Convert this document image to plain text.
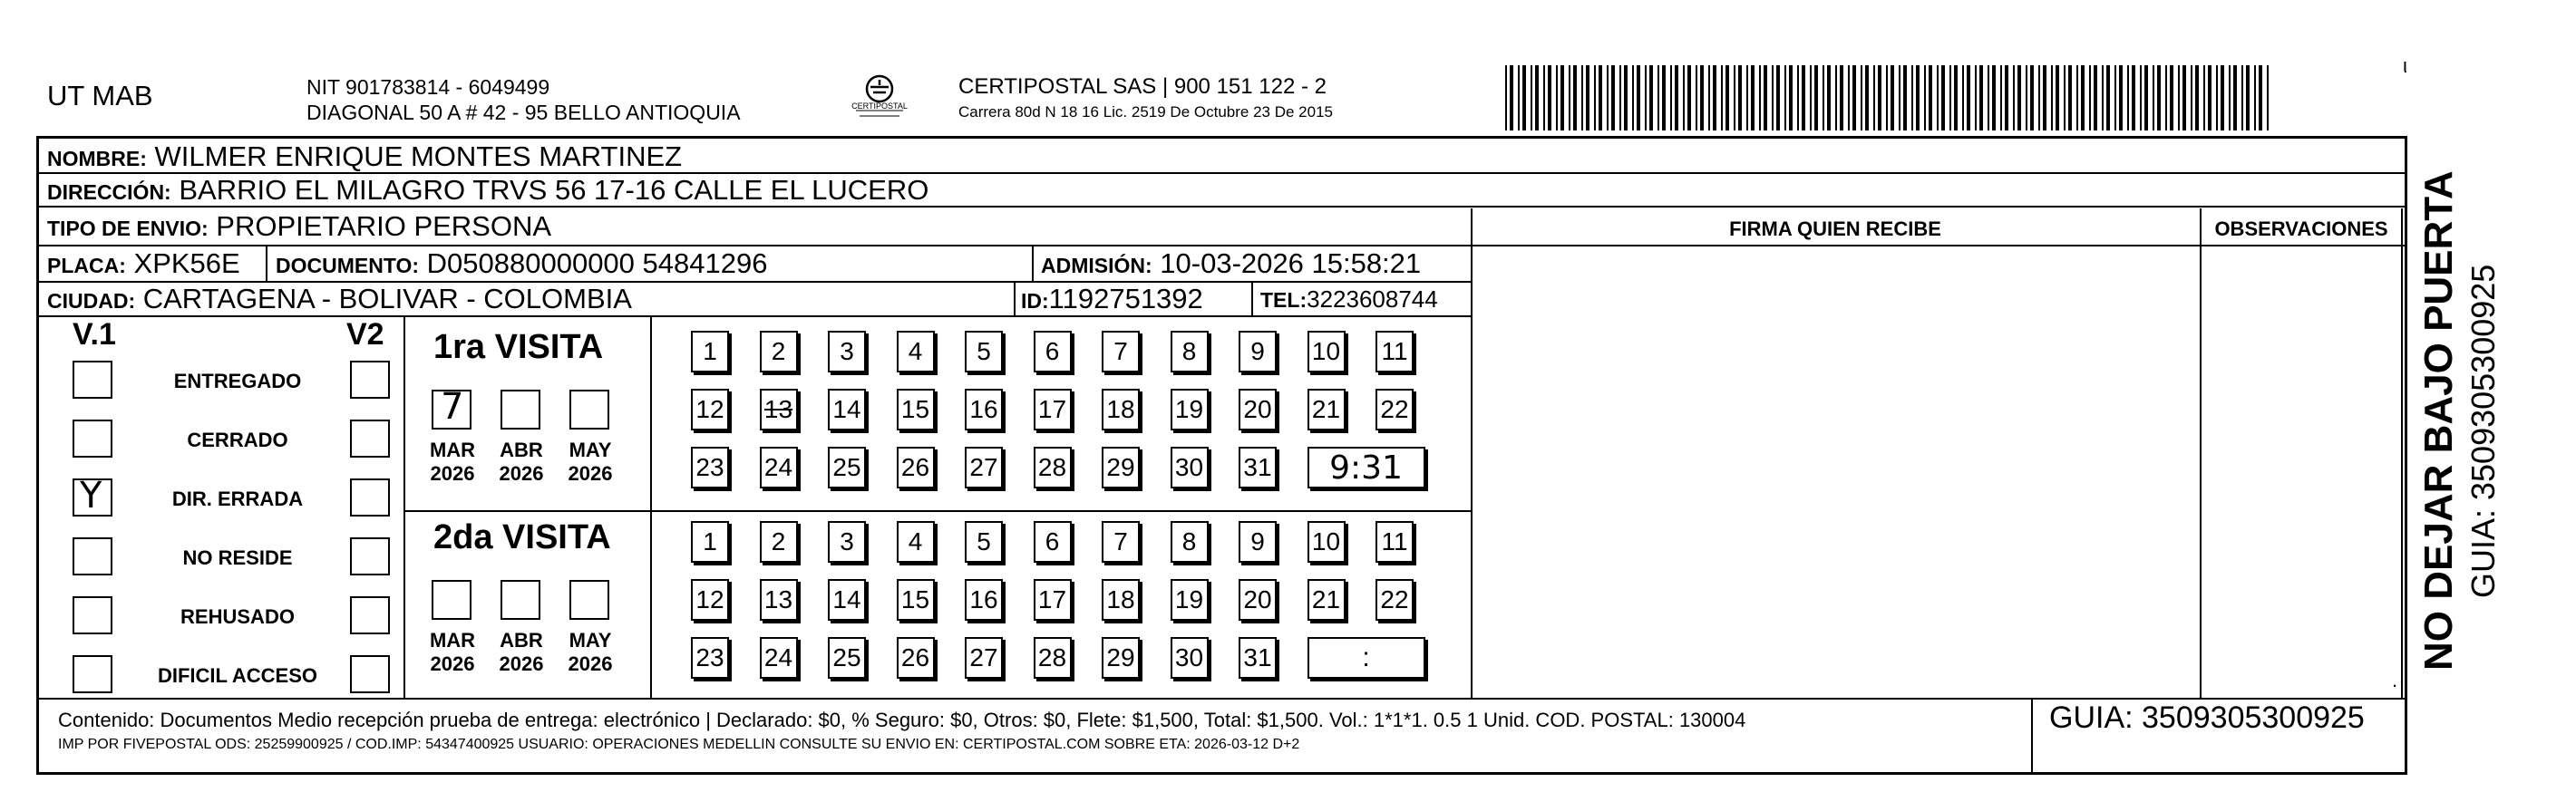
UT MAB	NIT 901783814 - 6049499
DIAGONAL 50 A # 42 - 95 BELLO ANTIOQUIA	CERTIPOSTAL
CERTIPOSTAL SAS | 900 151 122 - 2
Carrera 80d N 18 16 Lic. 2519 De Octubre 23 De 2015
ι
NOMBRE: WILMER ENRIQUE MONTES MARTINEZ
DIRECCIÓN: BARRIO EL MILAGRO TRVS 56 17-16 CALLE EL LUCERO
TIPO DE ENVIO: PROPIETARIO PERSONA
PLACA: XPK56E DOCUMENTO: D050880000000 54841296	ADMISIÓN: 10-03-2026 15:58:21
CIUDAD: CARTAGENA - BOLIVAR - COLOMBIA	ID:1192751392	TEL:3223608744
FIRMA QUIEN RECIBE	OBSERVACIONES
V.1	V2
ENTREGADO
CERRADO
Y	DIR. ERRADA
NO RESIDE
REHUSADO
DIFICIL ACCESO
1ra VISITA
7
MAR
2026
ABR
2026
MAY
2026
1	2	3	4	5	6	7	8	9	10 11
12 13 14 15 16 17 18 19 20 21 22
23 24 25 26 27 28 29 30 31	9:31
2da VISITA
MAR
2026
ABR
2026
MAY
2026
1	2	3	4	5	6	7	8	9	10 11
12 13 14 15 16 17 18 19 20 21 22
23 24 25 26 27 28 29 30 31	:
Contenido: Documentos Medio recepción prueba de entrega: electrónico | Declarado: $0, % Seguro: $0, Otros: $0, Flete: $1,500, Total: $1,500. Vol.: 1*1*1. 0.5 1 Unid. COD. POSTAL: 130004
IMP POR FIVEPOSTAL ODS: 25259900925 / COD.IMP: 54347400925 USUARIO: OPERACIONES MEDELLIN CONSULTE SU ENVIO EN: CERTIPOSTAL.COM SOBRE ETA: 2026-03-12 D+2
GUIA: 3509305300925
NO DEJAR BAJO PUERTA GUIA: 3509305300925
.
